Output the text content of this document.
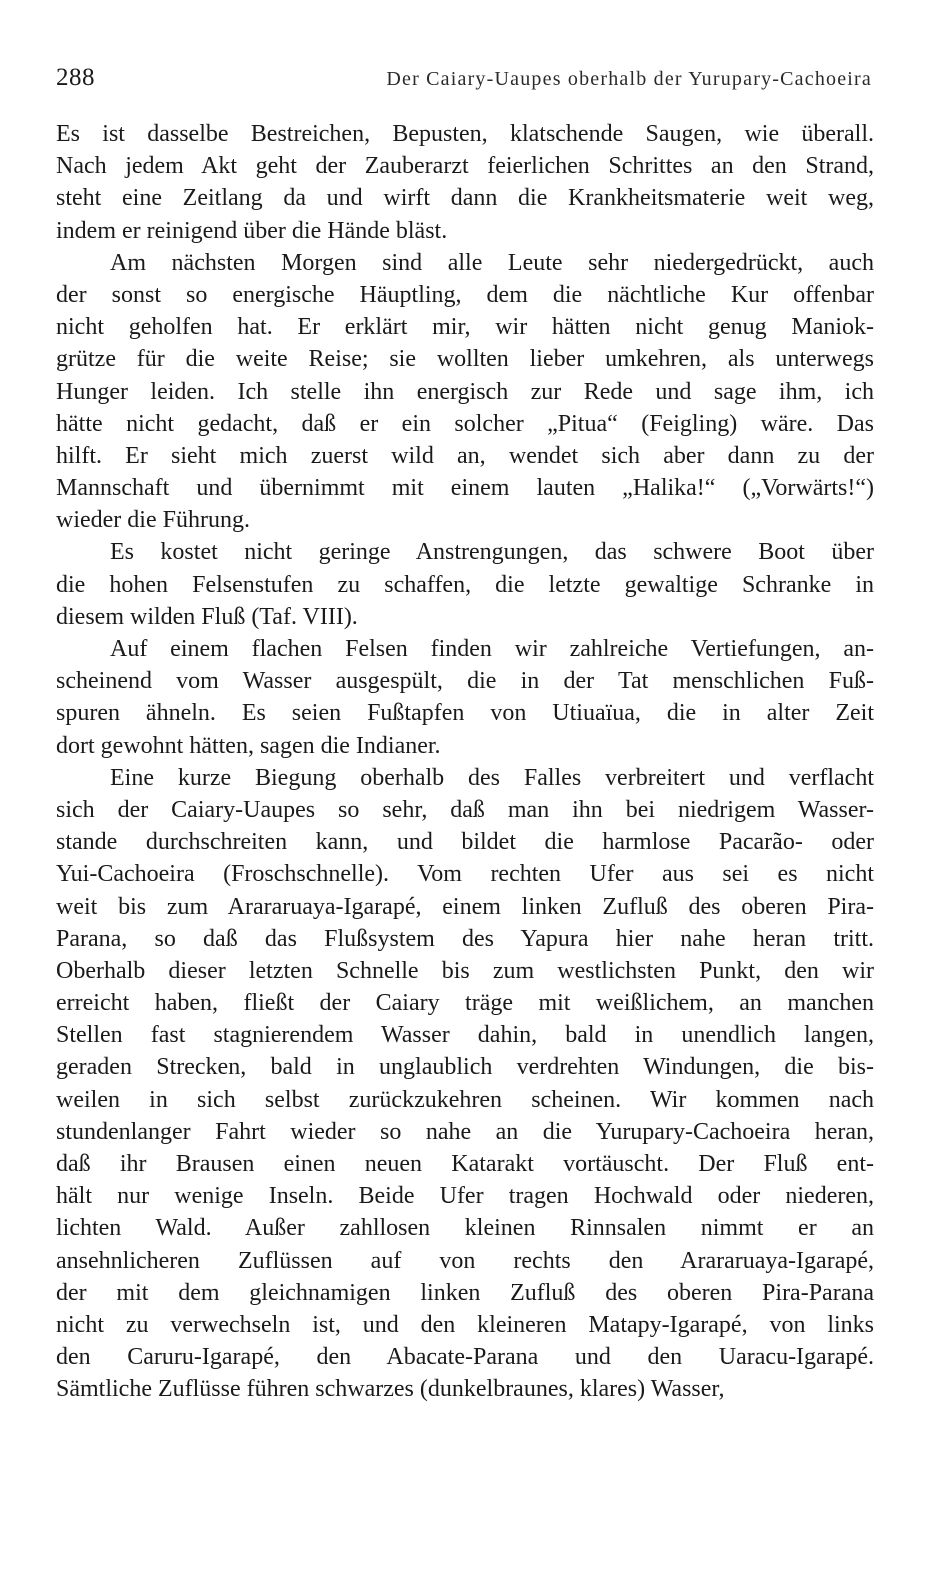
288	Der Caiary-Uaupes oberhalb der Yurupary-Cachoeira
Es ist dasselbe Bestreichen, Bepusten, klatschende Saugen, wie überall.
Nach jedem Akt geht der Zauberarzt feierlichen Schrittes an den Strand,
steht eine Zeitlang da und wirft dann die Krankheitsmaterie weit weg,
indem er reinigend über die Hände bläst.
Am nächsten Morgen sind alle Leute sehr niedergedrückt, auch
der sonst so energische Häuptling, dem die nächtliche Kur offenbar
nicht geholfen hat. Er erklärt mir, wir hätten nicht genug Maniok-
grütze für die weite Reise; sie wollten lieber umkehren, als unterwegs
Hunger leiden. Ich stelle ihn energisch zur Rede und sage ihm, ich
hätte nicht gedacht, daß er ein solcher „Pitua“ (Feigling) wäre. Das
hilft. Er sieht mich zuerst wild an, wendet sich aber dann zu der
Mannschaft und übernimmt mit einem lauten „Halika!“ („Vorwärts!“)
wieder die Führung.
Es kostet nicht geringe Anstrengungen, das schwere Boot über
die hohen Felsenstufen zu schaffen, die letzte gewaltige Schranke in
diesem wilden Fluß (Taf. VIII).
Auf einem flachen Felsen finden wir zahlreiche Vertiefungen, an-
scheinend vom Wasser ausgespült, die in der Tat menschlichen Fuß-
spuren ähneln. Es seien Fußtapfen von Utiuaïua, die in alter Zeit
dort gewohnt hätten, sagen die Indianer.
Eine kurze Biegung oberhalb des Falles verbreitert und verflacht
sich der Caiary-Uaupes so sehr, daß man ihn bei niedrigem Wasser-
stande durchschreiten kann, und bildet die harmlose Pacarão- oder
Yui-Cachoeira (Froschschnelle). Vom rechten Ufer aus sei es nicht
weit bis zum Arararuaya-Igarapé, einem linken Zufluß des oberen Pira-
Parana, so daß das Flußsystem des Yapura hier nahe heran tritt.
Oberhalb dieser letzten Schnelle bis zum westlichsten Punkt, den wir
erreicht haben, fließt der Caiary träge mit weißlichem, an manchen
Stellen fast stagnierendem Wasser dahin, bald in unendlich langen,
geraden Strecken, bald in unglaublich verdrehten Windungen, die bis-
weilen in sich selbst zurückzukehren scheinen. Wir kommen nach
stundenlanger Fahrt wieder so nahe an die Yurupary-Cachoeira heran,
daß ihr Brausen einen neuen Katarakt vortäuscht. Der Fluß ent-
hält nur wenige Inseln. Beide Ufer tragen Hochwald oder niederen,
lichten Wald. Außer zahllosen kleinen Rinnsalen nimmt er an
ansehnlicheren Zuflüssen auf von rechts den Arararuaya-Igarapé,
der mit dem gleichnamigen linken Zufluß des oberen Pira-Parana
nicht zu verwechseln ist, und den kleineren Matapy-Igarapé, von links
den Caruru-Igarapé, den Abacate-Parana und den Uaracu-Igarapé.
Sämtliche Zuflüsse führen schwarzes (dunkelbraunes, klares) Wasser,
